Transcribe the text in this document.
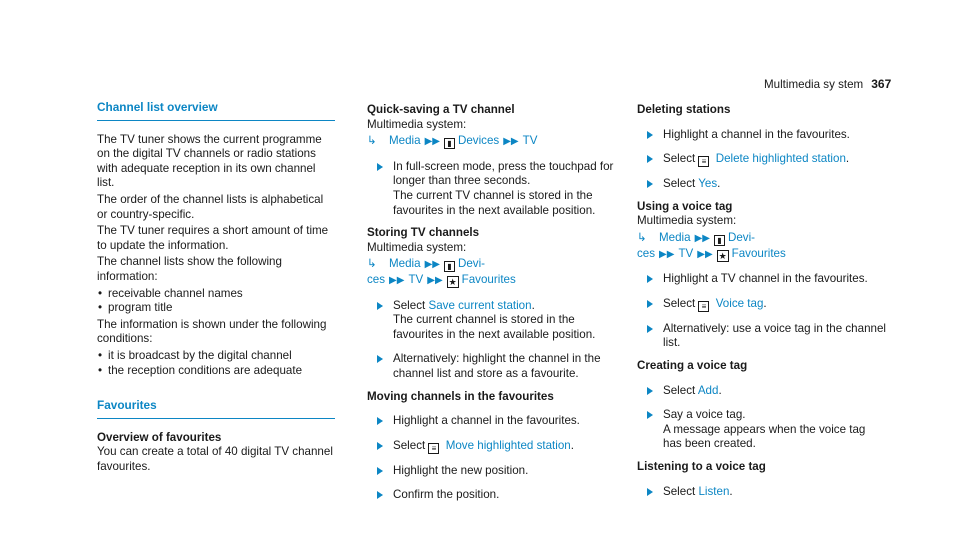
Multimedia sy stem 367
Channel list overview

The TV tuner shows the current programme on the digital TV channels or radio stations with adequate reception in its own channel list.

The order of the channel lists is alphabetical or country-specific.

The TV tuner requires a short amount of time to update the information.

The channel lists show the following information:

• receivable channel names
• program title

The information is shown under the following conditions:

• it is broadcast by the digital channel
• the reception conditions are adequate
Favourites

Overview of favourites

You can create a total of 40 digital TV channel favourites.

Quick-saving a TV channel

Multimedia system:

↳ Media ▶▶ ▮ Devices ▶▶ TV

In full-screen mode, press the touchpad for longer than three seconds.
The current TV channel is stored in the favourites in the next available position.

Storing TV channels

Multimedia system:

↳ Media ▶▶ ▮ Devi-
ces ▶▶ TV ▶▶ ★ Favourites

Select Save current station.
The current channel is stored in the favourites in the next available position.
Alternatively: highlight the channel in the channel list and store as a favourite.

Moving channels in the favourites

Highlight a channel in the favourites.
Select ≡ Move highlighted station.
Highlight the new position.
Confirm the position.

Deleting stations

Highlight a channel in the favourites.
Select ≡ Delete highlighted station.
Select Yes.

Using a voice tag

Multimedia system:

↳ Media ▶▶ ▮ Devi-
ces ▶▶ TV ▶▶ ★ Favourites

Highlight a TV channel in the favourites.
Select ≡ Voice tag.
Alternatively: use a voice tag in the channel list.

Creating a voice tag

Select Add.
Say a voice tag.
A message appears when the voice tag has been created.

Listening to a voice tag

Select Listen.
